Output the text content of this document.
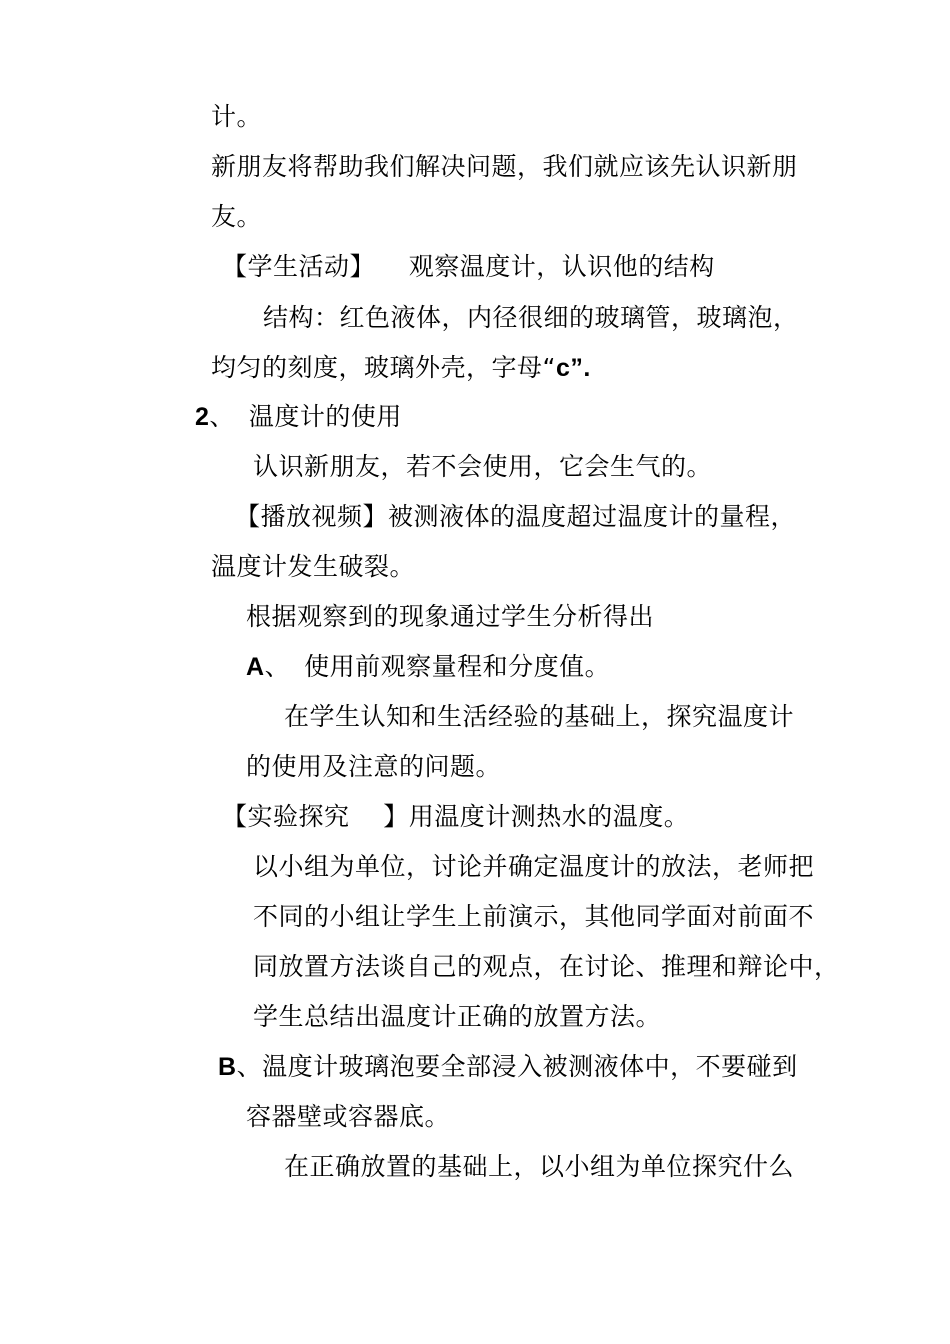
计。
新朋友将帮助我们解决问题，我们就应该先认识新朋
友。
【学生活动】    观察温度计，认识他的结构
结构：红色液体，内径很细的玻璃管，玻璃泡，
均匀的刻度，玻璃外壳，字母“c”.
2、 温度计的使用
认识新朋友，若不会使用，它会生气的。
【播放视频】被测液体的温度超过温度计的量程，
温度计发生破裂。
根据观察到的现象通过学生分析得出
A、 使用前观察量程和分度值。
在学生认知和生活经验的基础上，探究温度计
的使用及注意的问题。
【实验探究    】用温度计测热水的温度。
以小组为单位，讨论并确定温度计的放法，老师把
不同的小组让学生上前演示，其他同学面对前面不
同放置方法谈自己的观点，在讨论、推理和辩论中，
学生总结出温度计正确的放置方法。
B、温度计玻璃泡要全部浸入被测液体中，不要碰到
容器壁或容器底。
在正确放置的基础上，以小组为单位探究什么
